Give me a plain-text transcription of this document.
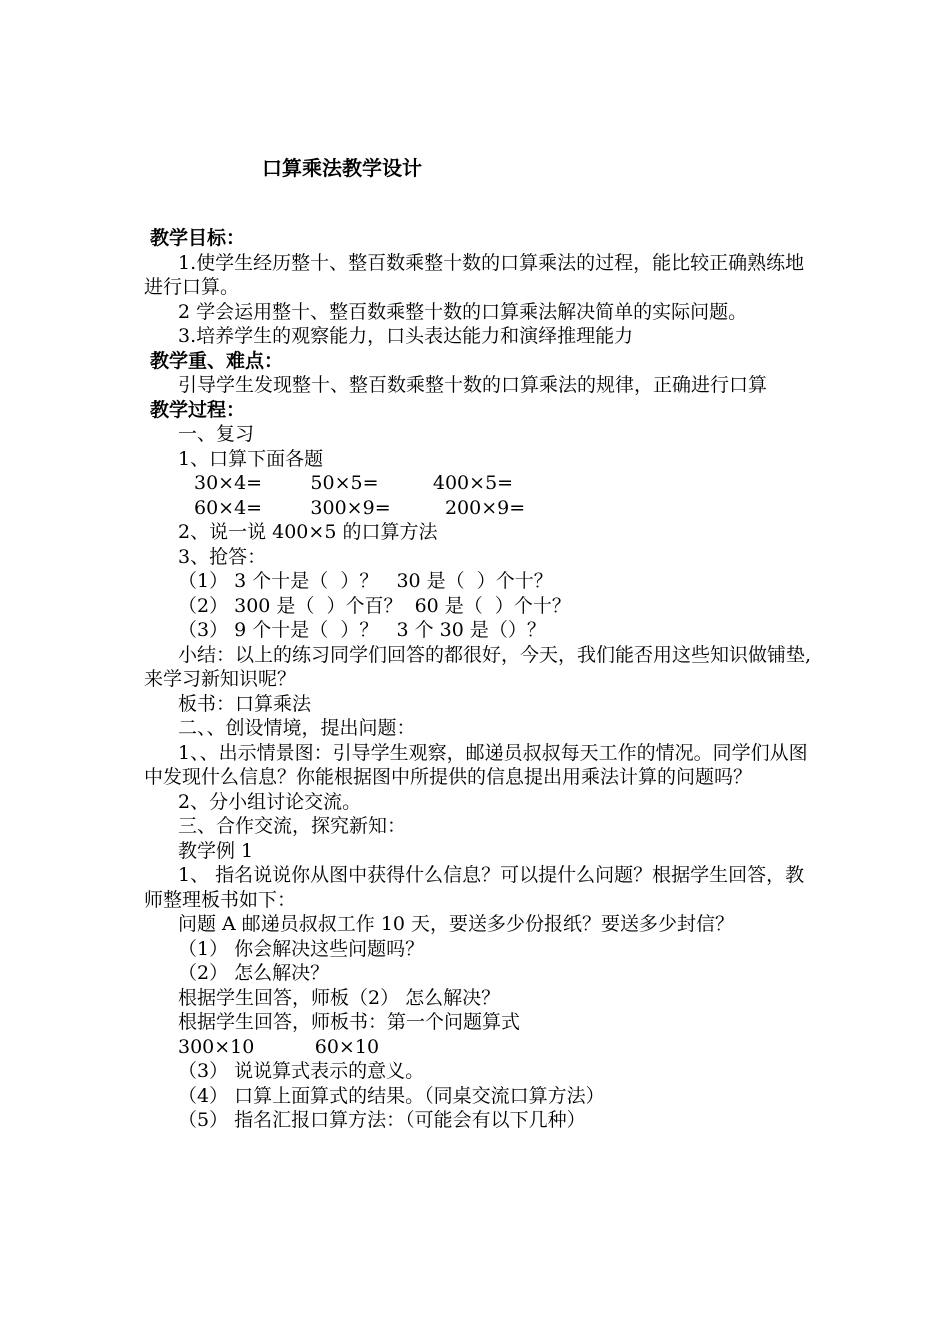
口算乘法教学设计

教学目标：

1.使学生经历整十、整百数乘整十数的口算乘法的过程，能比较正确熟练地进行口算。

2 学会运用整十、整百数乘整十数的口算乘法解决简单的实际问题。

3.培养学生的观察能力，口头表达能力和演绎推理能力

教学重、难点：

引导学生发现整十、整百数乘整十数的口算乘法的规律，正确进行口算

教学过程：

一、复习

1、口算下面各题

30×4=        50×5=         400×5=

60×4=        300×9=         200×9=

2、说一说 400×5 的口算方法

3、抢答：

（1） 3 个十是（  ）？   30 是（  ）个十？

（2） 300 是（  ）个百？  60 是（  ）个十？

（3） 9 个十是（  ）？   3 个 30 是（）？

小结：以上的练习同学们回答的都很好，今天，我们能否用这些知识做铺垫,来学习新知识呢？

板书：口算乘法

二、、创设情境，提出问题：

1、、出示情景图：引导学生观察，邮递员叔叔每天工作的情况。同学们从图中发现什么信息？你能根据图中所提供的信息提出用乘法计算的问题吗？

2、分小组讨论交流。

三、合作交流，探究新知：

教学例 1

1、 指名说说你从图中获得什么信息？可以提什么问题？根据学生回答，教师整理板书如下：

问题 A 邮递员叔叔工作 10 天，要送多少份报纸？要送多少封信？

（1） 你会解决这些问题吗？

（2） 怎么解决？

根据学生回答，师板（2） 怎么解决？

根据学生回答，师板书：第一个问题算式

300×10          60×10

（3） 说说算式表示的意义。

（4） 口算上面算式的结果。（同桌交流口算方法）

（5） 指名汇报口算方法：（可能会有以下几种）
